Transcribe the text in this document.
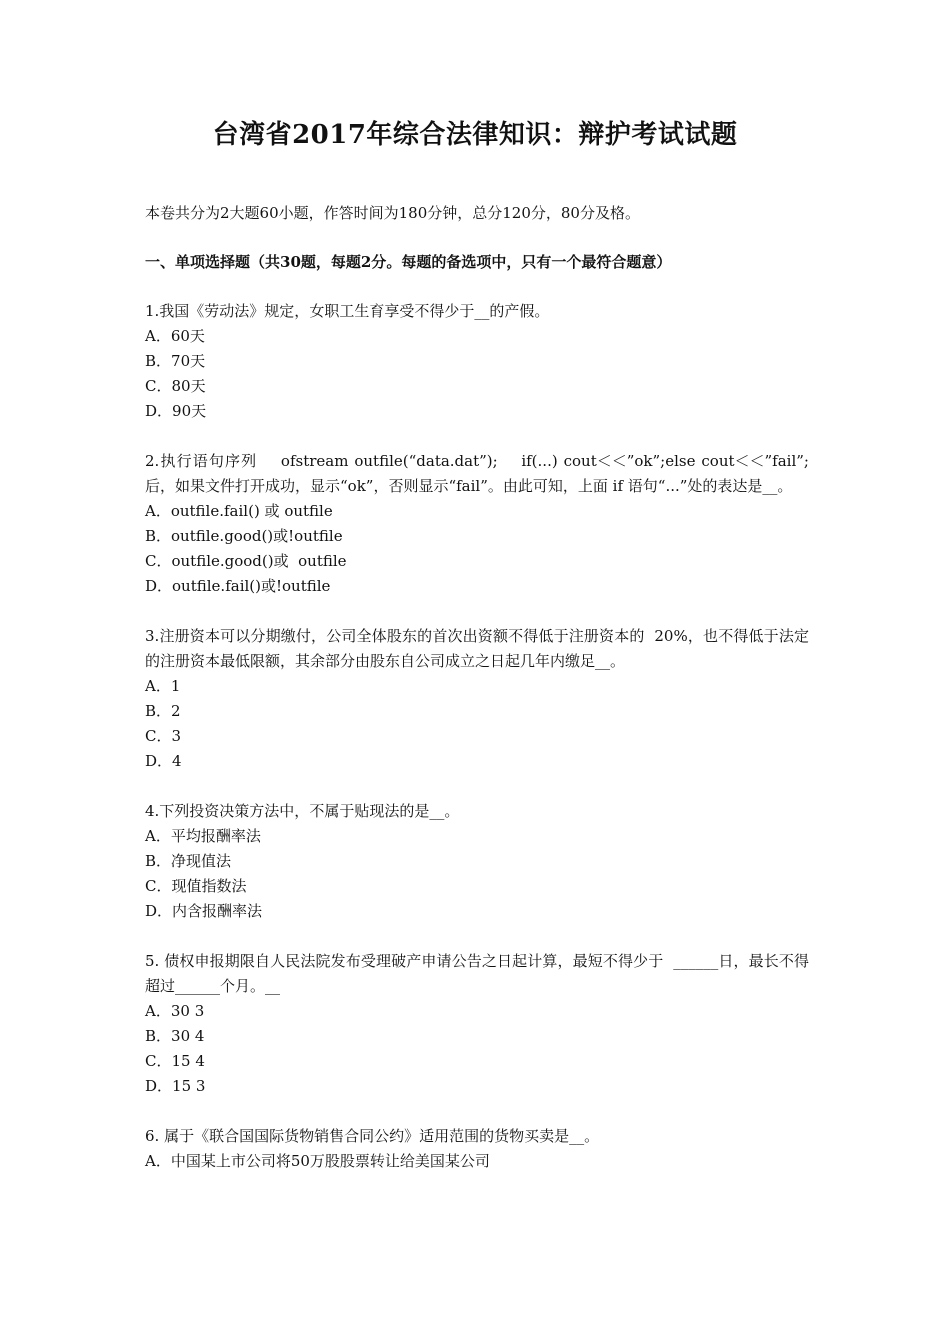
台湾省2017年综合法律知识：辩护考试试题

本卷共分为2大题60小题，作答时间为180分钟，总分120分，80分及格。

一、单项选择题（共30题，每题2分。每题的备选项中，只有一个最符合题意）

1.我国《劳动法》规定，女职工生育享受不得少于__的产假。
A．60天
B．70天
C．80天
D．90天
2.执行语句序列    ofstream outfile(“data.dat”);    if(...) cout＜＜”ok”;else cout＜＜”fail”;    后，如果文件打开成功，显示“ok”，否则显示“fail”。由此可知，上面 if 语句“...”处的表达是__。
A．outfile.fail() 或 outfile
B．outfile.good()或!outfile
C．outfile.good()或  outfile
D．outfile.fail()或!outfile
3.注册资本可以分期缴付，公司全体股东的首次出资额不得低于注册资本的  20%，也不得低于法定的注册资本最低限额，其余部分由股东自公司成立之日起几年内缴足__。
A．1
B．2
C．3
D．4
4.下列投资决策方法中，不属于贴现法的是__。
A．平均报酬率法
B．净现值法
C．现值指数法
D．内含报酬率法
5. 债权申报期限自人民法院发布受理破产申请公告之日起计算，最短不得少于  ______日，最长不得超过______个月。__
A．30 3
B．30 4
C．15 4
D．15 3
6. 属于《联合国国际货物销售合同公约》适用范围的货物买卖是__。
A．中国某上市公司将50万股股票转让给美国某公司
